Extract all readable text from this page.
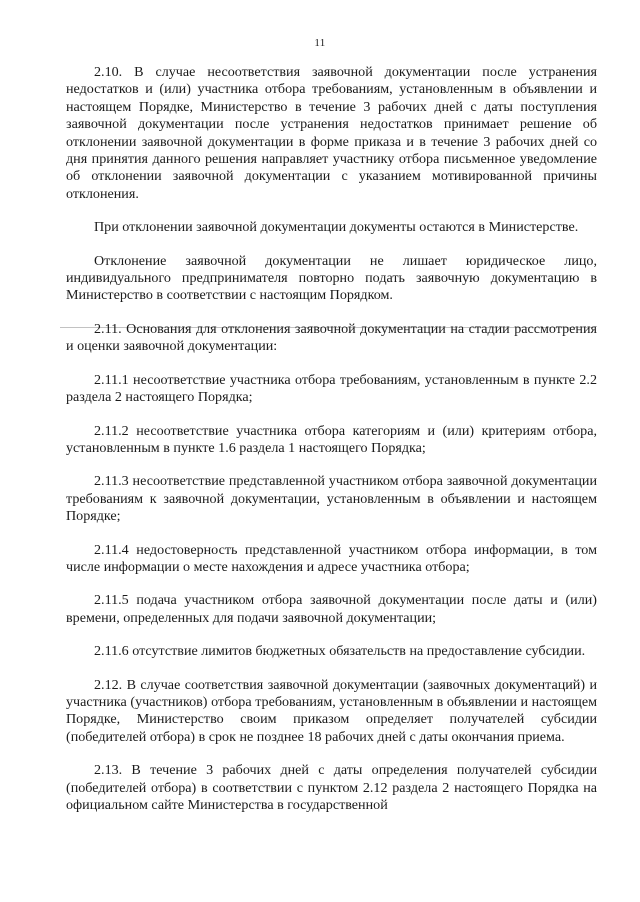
11

2.10. В случае несоответствия заявочной документации после устранения недостатков и (или) участника отбора требованиям, установленным в объявлении и настоящем Порядке, Министерство в течение 3 рабочих дней с даты поступления заявочной документации после устранения недостатков принимает решение об отклонении заявочной документации в форме приказа и в течение 3 рабочих дней со дня принятия данного решения направляет участнику отбора письменное уведомление об отклонении заявочной документации с указанием мотивированной причины отклонения.

При отклонении заявочной документации документы остаются в Министерстве.

Отклонение заявочной документации не лишает юридическое лицо, индивидуального предпринимателя повторно подать заявочную документацию в Министерство в соответствии с настоящим Порядком.

2.11. Основания для отклонения заявочной документации на стадии рассмотрения и оценки заявочной документации:

2.11.1 несоответствие участника отбора требованиям, установленным в пункте 2.2 раздела 2 настоящего Порядка;

2.11.2 несоответствие участника отбора категориям и (или) критериям отбора, установленным в пункте 1.6 раздела 1 настоящего Порядка;

2.11.3 несоответствие представленной участником отбора заявочной документации требованиям к заявочной документации, установленным в объявлении и настоящем Порядке;

2.11.4 недостоверность представленной участником отбора информации, в том числе информации о месте нахождения и адресе участника отбора;

2.11.5 подача участником отбора заявочной документации после даты и (или) времени, определенных для подачи заявочной документации;

2.11.6 отсутствие лимитов бюджетных обязательств на предоставление субсидии.

2.12. В случае соответствия заявочной документации (заявочных документаций) и участника (участников) отбора требованиям, установленным в объявлении и настоящем Порядке, Министерство своим приказом определяет получателей субсидии (победителей отбора) в срок не позднее 18 рабочих дней с даты окончания приема.

2.13. В течение 3 рабочих дней с даты определения получателей субсидии (победителей отбора) в соответствии с пунктом 2.12 раздела 2 настоящего Порядка на официальном сайте Министерства в государственной
